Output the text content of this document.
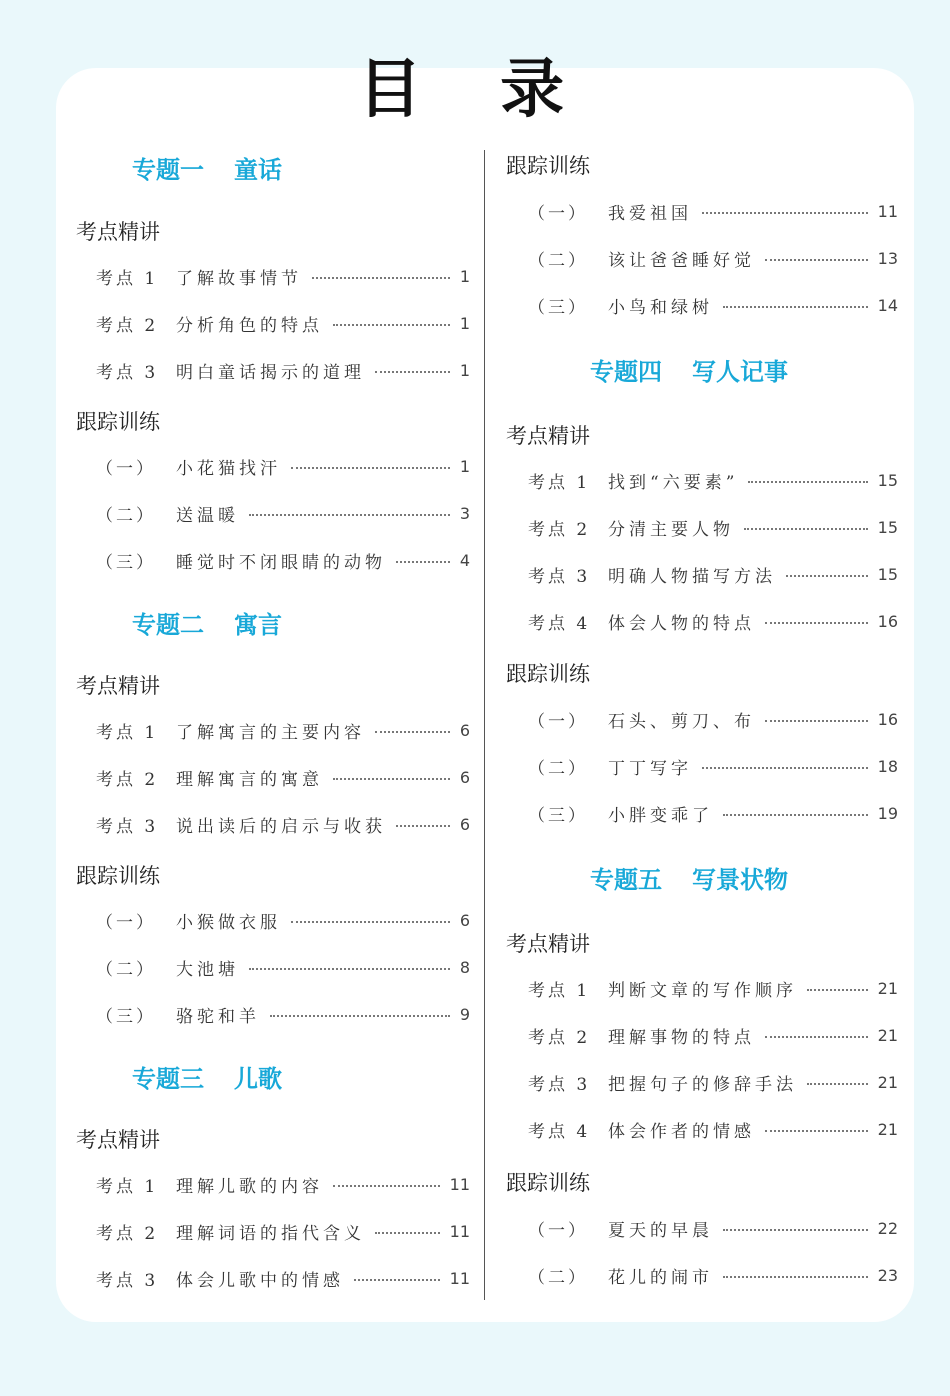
目 录
专题一 童话
考点精讲
考点 1	了解故事情节	1
考点 2	分析角色的特点	1
考点 3	明白童话揭示的道理	1
跟踪训练
（一）	小花猫找汗	1
（二）	送温暖	3
（三）	睡觉时不闭眼睛的动物	4
专题二 寓言
考点精讲
考点 1	了解寓言的主要内容	6
考点 2	理解寓言的寓意	6
考点 3	说出读后的启示与收获	6
跟踪训练
（一）	小猴做衣服	6
（二）	大池塘	8
（三）	骆驼和羊	9
专题三 儿歌
考点精讲
考点 1	理解儿歌的内容	11
考点 2	理解词语的指代含义	11
考点 3	体会儿歌中的情感	11
跟踪训练
（一）	我爱祖国	11
（二）	该让爸爸睡好觉	13
（三）	小鸟和绿树	14
专题四 写人记事
考点精讲
考点 1	找到“六要素”	15
考点 2	分清主要人物	15
考点 3	明确人物描写方法	15
考点 4	体会人物的特点	16
跟踪训练
（一）	石头、剪刀、布	16
（二）	丁丁写字	18
（三）	小胖变乖了	19
专题五 写景状物
考点精讲
考点 1	判断文章的写作顺序	21
考点 2	理解事物的特点	21
考点 3	把握句子的修辞手法	21
考点 4	体会作者的情感	21
跟踪训练
（一）	夏天的早晨	22
（二）	花儿的闹市	23
